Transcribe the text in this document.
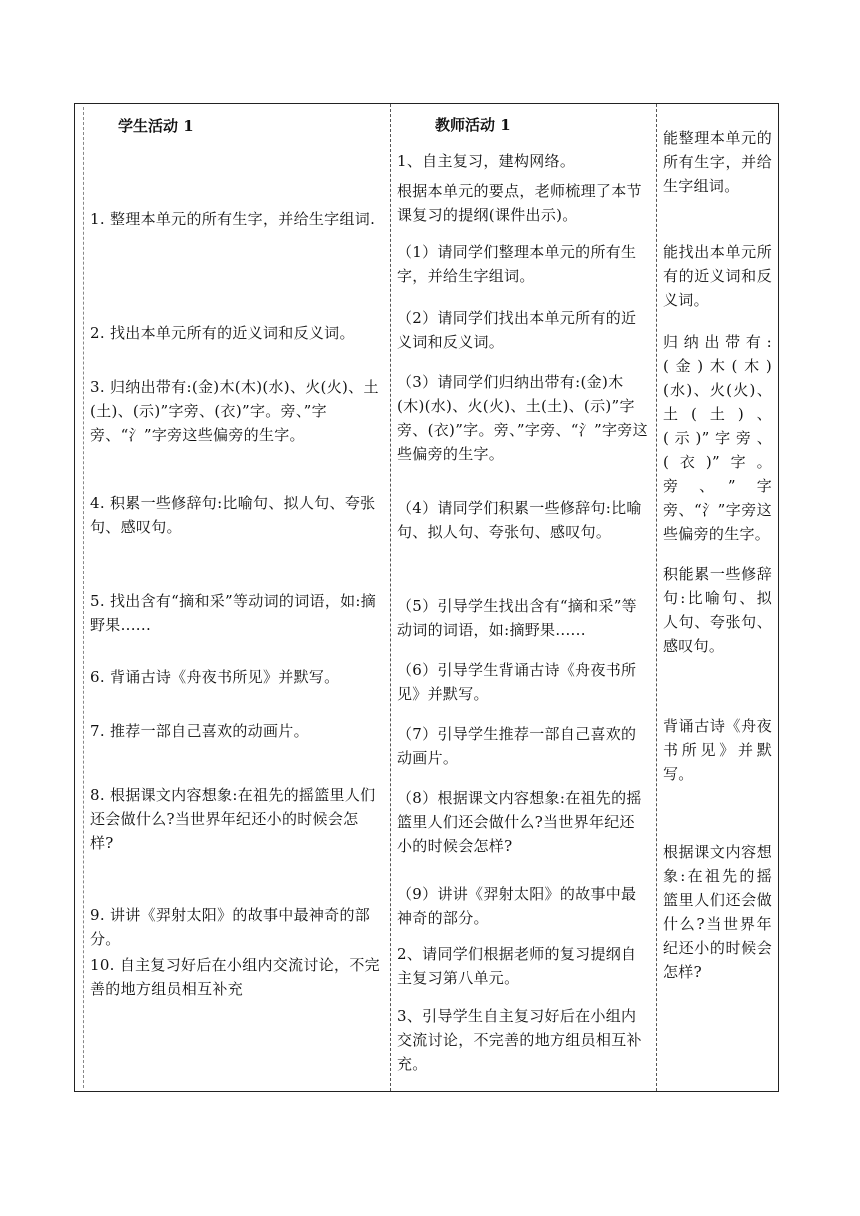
学生活动 1
1. 整理本单元的所有生字，并给生字组词.
2. 找出本单元所有的近义词和反义词。
3. 归纳出带有:(金)木(木)(水)、火(火)、土(土)、(示)”字旁、(衣)”字。旁、”字旁、“氵”字旁这些偏旁的生字。
4. 积累一些修辞句:比喻句、拟人句、夸张句、感叹句。
5. 找出含有“摘和采”等动词的词语，如:摘野果......
6. 背诵古诗《舟夜书所见》并默写。
7. 推荐一部自己喜欢的动画片。
8. 根据课文内容想象:在祖先的摇篮里人们还会做什么?当世界年纪还小的时候会怎样?
9. 讲讲《羿射太阳》的故事中最神奇的部分。
10. 自主复习好后在小组内交流讨论，不完善的地方组员相互补充
教师活动 1
1、自主复习，建构网络。
根据本单元的要点，老师梳理了本节课复习的提纲(课件出示)。
（1）请同学们整理本单元的所有生字，并给生字组词。
（2）请同学们找出本单元所有的近义词和反义词。
（3）请同学们归纳出带有:(金)木(木)(水)、火(火)、土(土)、(示)”字旁、(衣)”字。旁、”字旁、“氵”字旁这些偏旁的生字。
（4）请同学们积累一些修辞句:比喻句、拟人句、夸张句、感叹句。
（5）引导学生找出含有“摘和采”等动词的词语，如:摘野果......
（6）引导学生背诵古诗《舟夜书所见》并默写。
（7）引导学生推荐一部自己喜欢的动画片。
（8）根据课文内容想象:在祖先的摇篮里人们还会做什么?当世界年纪还小的时候会怎样?
（9）讲讲《羿射太阳》的故事中最神奇的部分。
2、请同学们根据老师的复习提纲自主复习第八单元。
3、引导学生自主复习好后在小组内交流讨论，不完善的地方组员相互补充。
能整理本单元的所有生字，并给生字组词。
能找出本单元所有的近义词和反义词。
归纳出带有:(金)木(木)(水)、火(火)、土(土)、(示)”字旁、(衣)”字。旁、”字旁、“氵”字旁这些偏旁的生字。
积能累一些修辞句:比喻句、拟人句、夸张句、感叹句。
背诵古诗《舟夜书所见》并默写。
根据课文内容想象:在祖先的摇篮里人们还会做什么?当世界年纪还小的时候会怎样?
